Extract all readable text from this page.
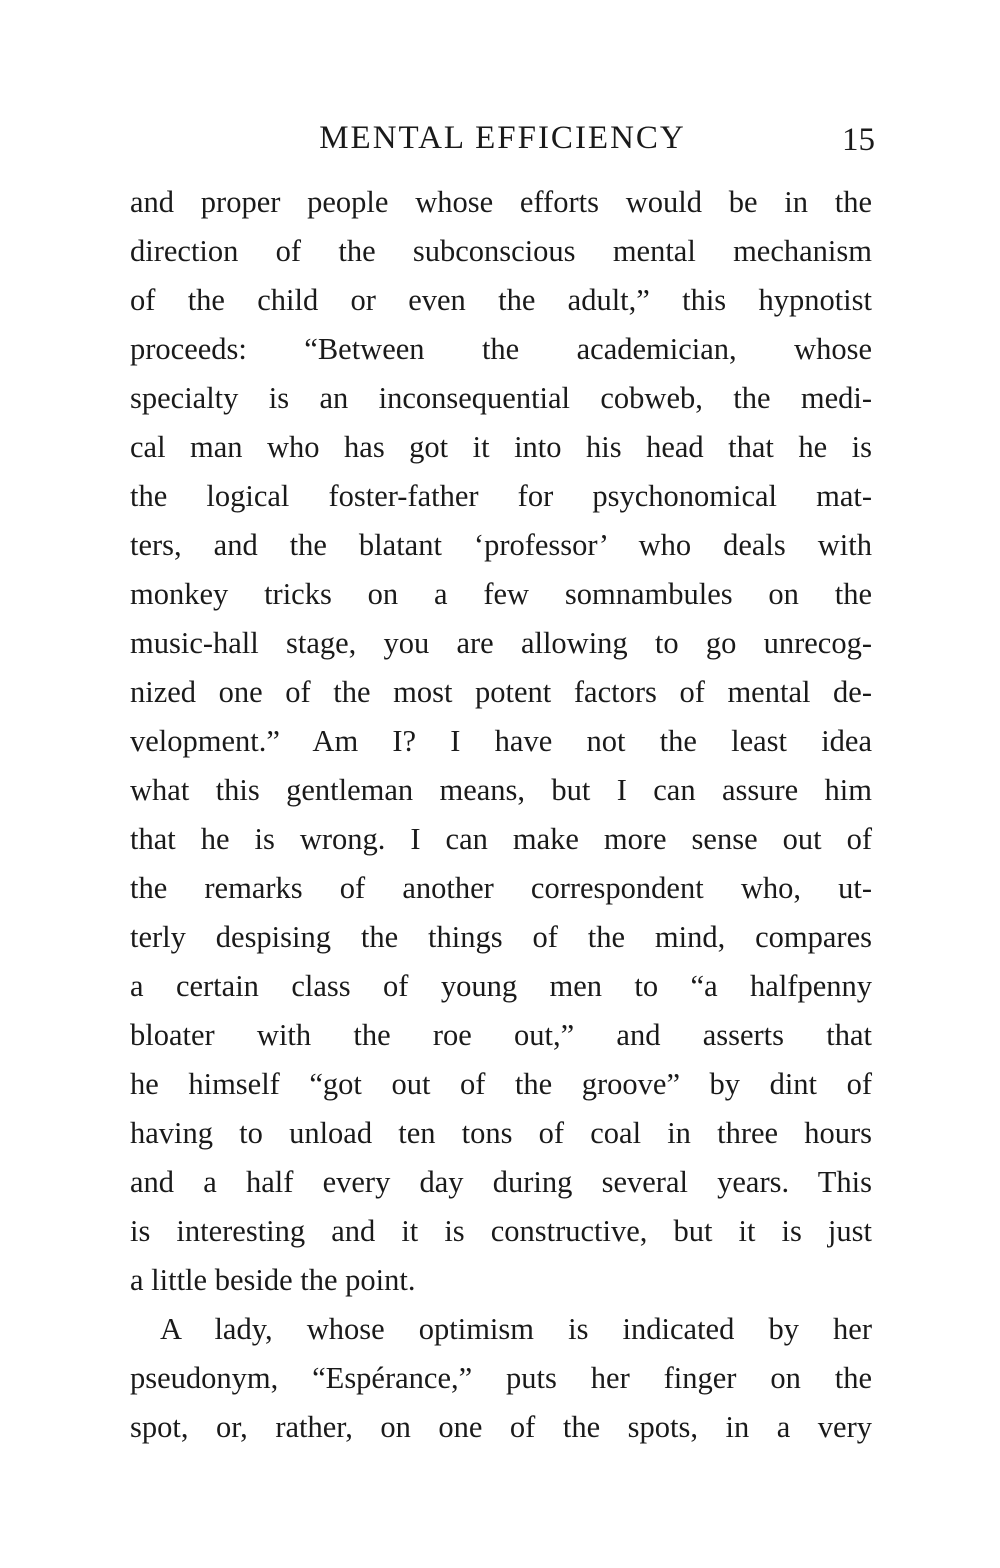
MENTAL EFFICIENCY	15
and proper people whose efforts would be in the
direction of the subconscious mental mechanism
of the child or even the adult,” this hypnotist
proceeds: “Between the academician, whose
specialty is an inconsequential cobweb, the medi-
cal man who has got it into his head that he is
the logical foster-father for psychonomical mat-
ters, and the blatant ‘professor’ who deals with
monkey tricks on a few somnambules on the
music-hall stage, you are allowing to go unrecog-
nized one of the most potent factors of mental de-
velopment.” Am I? I have not the least idea
what this gentleman means, but I can assure him
that he is wrong. I can make more sense out of
the remarks of another correspondent who, ut-
terly despising the things of the mind, compares
a certain class of young men to “a halfpenny
bloater with the roe out,” and asserts that
he himself “got out of the groove” by dint of
having to unload ten tons of coal in three hours
and a half every day during several years. This
is interesting and it is constructive, but it is just
a little beside the point.
A lady, whose optimism is indicated by her
pseudonym, “Espérance,” puts her finger on the
spot, or, rather, on one of the spots, in a very
